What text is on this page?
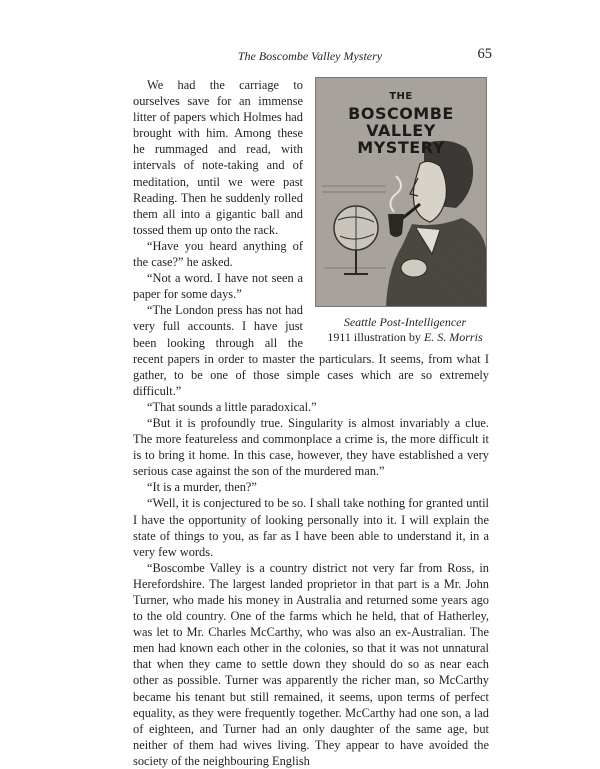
The Boscombe Valley Mystery	65
THE
BOSCOMBE VALLEY
MYSTERY
Seattle Post-Intelligencer
1911 illustration by E. S. Morris

We had the carriage to ourselves save for an immense litter of papers which Holmes had brought with him. Among these he rummaged and read, with intervals of note-taking and of meditation, until we were past Reading. Then he suddenly rolled them all into a gigantic ball and tossed them up onto the rack.

“Have you heard anything of the case?” he asked.

“Not a word. I have not seen a paper for some days.”

“The London press has not had very full accounts. I have just been looking through all the recent papers in order to master the particulars. It seems, from what I gather, to be one of those simple cases which are so extremely difficult.”

“That sounds a little paradoxical.”

“But it is profoundly true. Singularity is almost invariably a clue. The more featureless and commonplace a crime is, the more difficult it is to bring it home. In this case, however, they have established a very serious case against the son of the murdered man.”

“It is a murder, then?”

“Well, it is conjectured to be so. I shall take nothing for granted until I have the opportunity of looking personally into it. I will explain the state of things to you, as far as I have been able to understand it, in a very few words.

“Boscombe Valley is a country district not very far from Ross, in Herefordshire. The largest landed proprietor in that part is a Mr. John Turner, who made his money in Australia and returned some years ago to the old country. One of the farms which he held, that of Hatherley, was let to Mr. Charles McCarthy, who was also an ex-Australian. The men had known each other in the colonies, so that it was not unnatural that when they came to settle down they should do so as near each other as possible. Turner was apparently the richer man, so McCarthy became his tenant but still remained, it seems, upon terms of perfect equality, as they were frequently together. McCarthy had one son, a lad of eighteen, and Turner had an only daughter of the same age, but neither of them had wives living. They appear to have avoided the society of the neighbouring English
